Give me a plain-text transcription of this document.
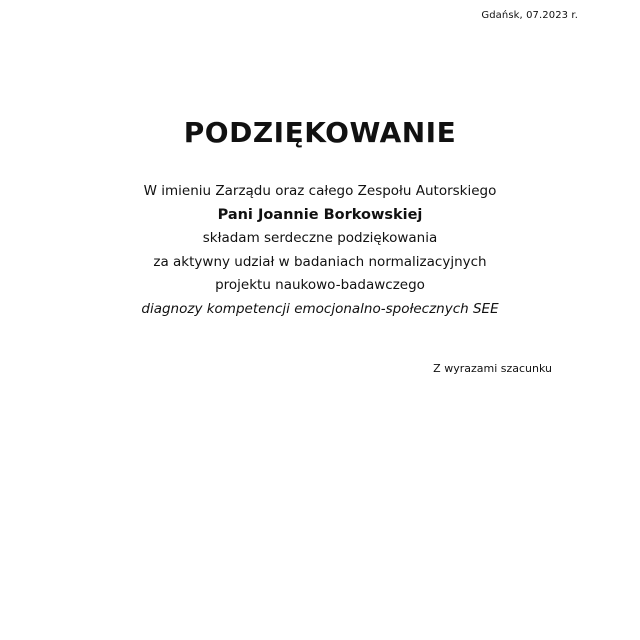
Gdańsk, 07.2023 r.
PODZIĘKOWANIE
W imieniu Zarządu oraz całego Zespołu Autorskiego
Pani Joannie Borkowskiej
składam serdeczne podziękowania
za aktywny udział w badaniach normalizacyjnych
projektu naukowo-badawczego
diagnozy kompetencji emocjonalno-społecznych SEE
Z wyrazami szacunku
